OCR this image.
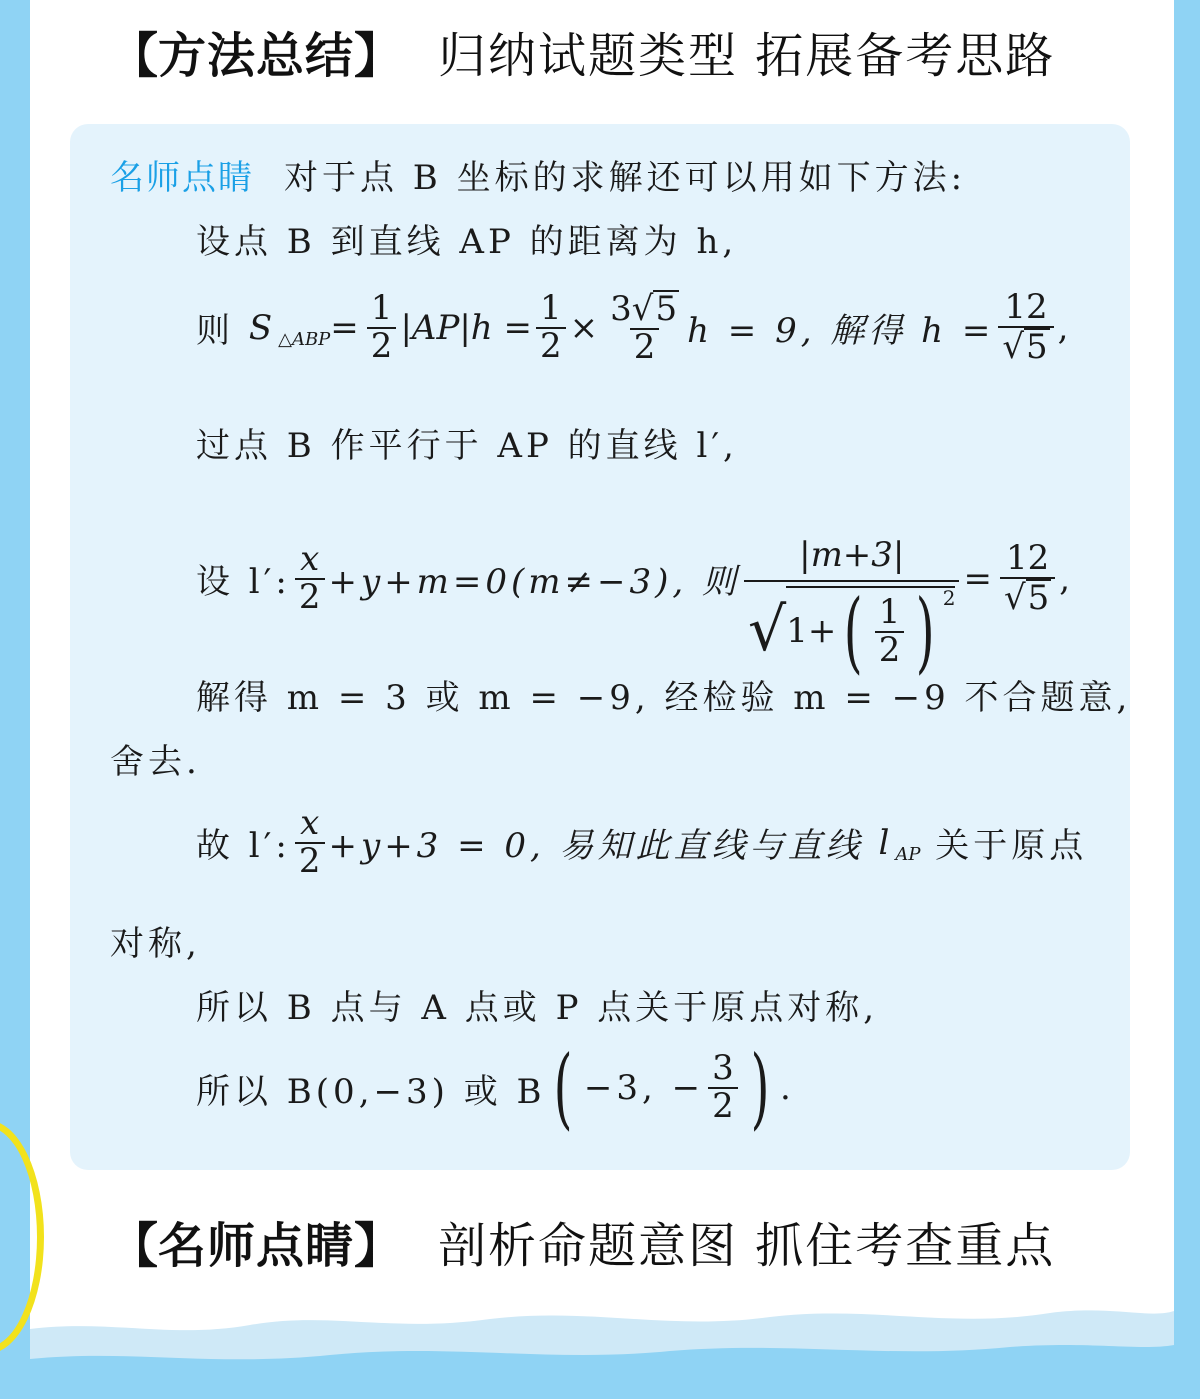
【 方法总结 】 归纳试题类型 拓展备考思路
名师点睛 对于点 B 坐标的求解还可以用如下方法:
设点 B 到直线 AP 的距离为 h,
则
S △ABP = $\frac{1}{2} |AP|h = \frac{1}{2} \times \frac{3 √ 5}{2}$ h = 9, 解得 $h = \frac{12}{√ 5}$ ,
过点 B 作平行于 AP 的直线 l′,
设 l′: $\frac{x}{2} +y+m=0(m\ne-3)$, 则 $\frac{|m+3|}{√ 1+ ( \frac{1}{2} ) ^2} = \frac{12}{√ 5}$ ,
解得 m = 3 或 m = −9, 经检验 m = −9 不合题意,
舍去.
故 l′: $\frac{x}{2} +y+3 = 0$, 易知此直线与直线
l AP
关于原点
对称,
所以 B 点与 A 点或 P 点关于原点对称,
所以 B(0,−3) 或 B ( −3, − $\frac{3}{2}$ ) .
【 名师点睛 】 剖析命题意图 抓住考查重点
